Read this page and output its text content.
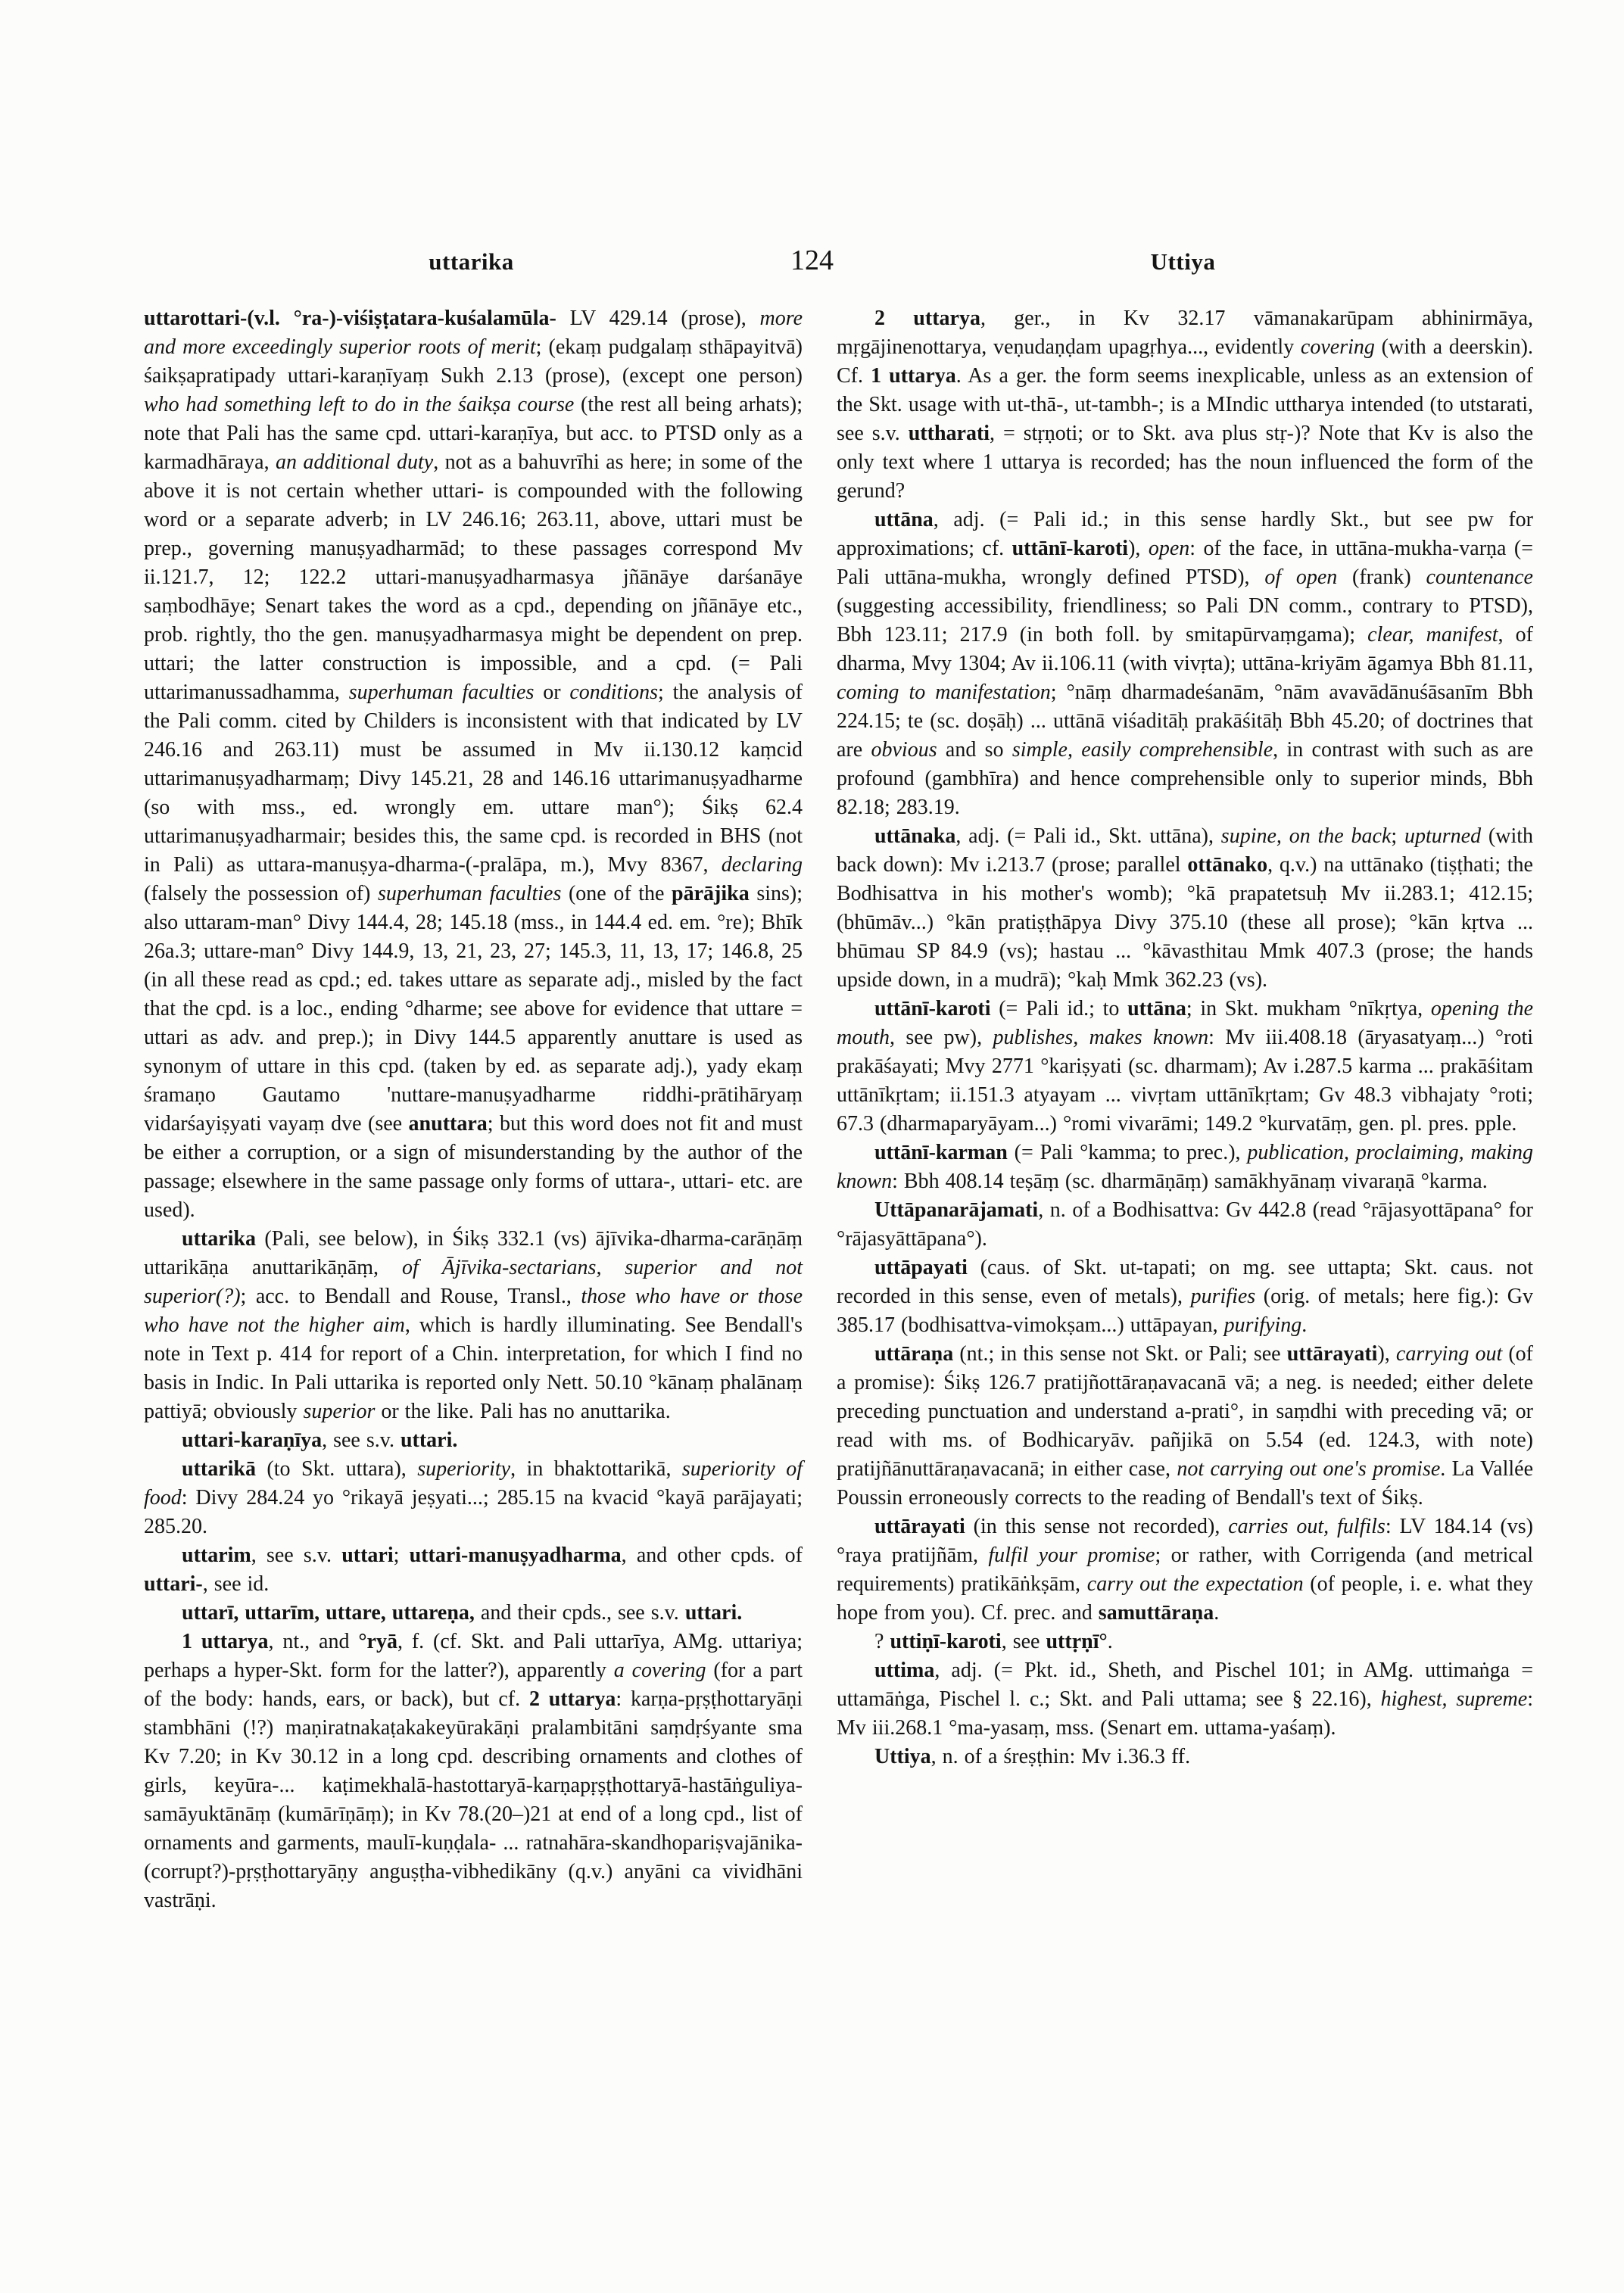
uttarika	124	Uttiya

uttarottari-(v.l. °ra-)-viśiṣṭatara-kuśalamūla- LV 429.14 (prose), more and more exceedingly superior roots of merit; (ekaṃ pudgalaṃ sthāpayitvā) śaikṣapratipady uttari-karaṇīyaṃ Sukh 2.13 (prose), (except one person) who had something left to do in the śaikṣa course (the rest all being arhats); note that Pali has the same cpd. uttari-karaṇīya, but acc. to PTSD only as a karmadhāraya, an additional duty, not as a bahuvrīhi as here; in some of the above it is not certain whether uttari- is compounded with the following word or a separate adverb; in LV 246.16; 263.11, above, uttari must be prep., governing manuṣyadharmād; to these passages correspond Mv ii.121.7, 12; 122.2 uttari-manuṣyadharmasya jñānāye darśanāye saṃbodhāye; Senart takes the word as a cpd., depending on jñānāye etc., prob. rightly, tho the gen. manuṣyadharmasya might be dependent on prep. uttari; the latter construction is impossible, and a cpd. (= Pali uttarimanussadhamma, superhuman faculties or conditions; the analysis of the Pali comm. cited by Childers is inconsistent with that indicated by LV 246.16 and 263.11) must be assumed in Mv ii.130.12 kaṃcid uttarimanuṣyadharmaṃ; Divy 145.21, 28 and 146.16 uttarimanuṣyadharme (so with mss., ed. wrongly em. uttare man°); Śikṣ 62.4 uttarimanuṣyadharmair; besides this, the same cpd. is recorded in BHS (not in Pali) as uttara-manuṣya-dharma-(-pralāpa, m.), Mvy 8367, declaring (falsely the possession of) superhuman faculties (one of the pārājika sins); also uttaram-man° Divy 144.4, 28; 145.18 (mss., in 144.4 ed. em. °re); Bhīk 26a.3; uttare-man° Divy 144.9, 13, 21, 23, 27; 145.3, 11, 13, 17; 146.8, 25 (in all these read as cpd.; ed. takes uttare as separate adj., misled by the fact that the cpd. is a loc., ending °dharme; see above for evidence that uttare = uttari as adv. and prep.); in Divy 144.5 apparently anuttare is used as synonym of uttare in this cpd. (taken by ed. as separate adj.), yady ekaṃ śramaṇo Gautamo 'nuttare-manuṣyadharme riddhi-prātihāryaṃ vidarśayiṣyati vayaṃ dve (see anuttara; but this word does not fit and must be either a corruption, or a sign of misunderstanding by the author of the passage; elsewhere in the same passage only forms of uttara-, uttari- etc. are used).

uttarika (Pali, see below), in Śikṣ 332.1 (vs) ājīvika-dharma-carāṇāṃ uttarikāṇa anuttarikāṇāṃ, of Ājīvika-sectarians, superior and not superior(?); acc. to Bendall and Rouse, Transl., those who have or those who have not the higher aim, which is hardly illuminating. See Bendall's note in Text p. 414 for report of a Chin. interpretation, for which I find no basis in Indic. In Pali uttarika is reported only Nett. 50.10 °kānaṃ phalānaṃ pattiyā; obviously superior or the like. Pali has no anuttarika.

uttari-karaṇīya, see s.v. uttari.

uttarikā (to Skt. uttara), superiority, in bhaktottarikā, superiority of food: Divy 284.24 yo °rikayā jeṣyati...; 285.15 na kvacid °kayā parājayati; 285.20.

uttarim, see s.v. uttari; uttari-manuṣyadharma, and other cpds. of uttari-, see id.

uttarī, uttarīm, uttare, uttareṇa, and their cpds., see s.v. uttari.

1 uttarya, nt., and °ryā, f. (cf. Skt. and Pali uttarīya, AMg. uttariya; perhaps a hyper-Skt. form for the latter?), apparently a covering (for a part of the body: hands, ears, or back), but cf. 2 uttarya: karṇa-pṛṣṭhottaryāṇi stambhāni (!?) maṇiratnakaṭakakeyūrakāṇi pralambitāni saṃdṛśyante sma Kv 7.20; in Kv 30.12 in a long cpd. describing ornaments and clothes of girls, keyūra-... kaṭimekhalā-hastottaryā-karṇapṛṣṭhottaryā-hastāṅguliya-samāyuktānāṃ (kumārīṇāṃ); in Kv 78.(20–)21 at end of a long cpd., list of ornaments and garments, maulī-kuṇḍala- ... ratnahāra-skandhopariṣvajānika-(corrupt?)-pṛṣṭhottaryāṇy anguṣṭha-vibhedikāny (q.v.) anyāni ca vividhāni vastrāṇi.

2 uttarya, ger., in Kv 32.17 vāmanakarūpam abhinirmāya, mṛgājinenottarya, veṇudaṇḍam upagṛhya..., evidently covering (with a deerskin). Cf. 1 uttarya. As a ger. the form seems inexplicable, unless as an extension of the Skt. usage with ut-thā-, ut-tambh-; is a MIndic uttharya intended (to utstarati, see s.v. uttharati, = stṛṇoti; or to Skt. ava plus stṛ-)? Note that Kv is also the only text where 1 uttarya is recorded; has the noun influenced the form of the gerund?

uttāna, adj. (= Pali id.; in this sense hardly Skt., but see pw for approximations; cf. uttānī-karoti), open: of the face, in uttāna-mukha-varṇa (= Pali uttāna-mukha, wrongly defined PTSD), of open (frank) countenance (suggesting accessibility, friendliness; so Pali DN comm., contrary to PTSD), Bbh 123.11; 217.9 (in both foll. by smitapūrvaṃgama); clear, manifest, of dharma, Mvy 1304; Av ii.106.11 (with vivṛta); uttāna-kriyām āgamya Bbh 81.11, coming to manifestation; °nāṃ dharmadeśanām, °nām avavādānuśāsanīm Bbh 224.15; te (sc. doṣāḥ) ... uttānā viśaditāḥ prakāśitāḥ Bbh 45.20; of doctrines that are obvious and so simple, easily comprehensible, in contrast with such as are profound (gambhīra) and hence comprehensible only to superior minds, Bbh 82.18; 283.19.

uttānaka, adj. (= Pali id., Skt. uttāna), supine, on the back; upturned (with back down): Mv i.213.7 (prose; parallel ottānako, q.v.) na uttānako (tiṣṭhati; the Bodhisattva in his mother's womb); °kā prapatetsuḥ Mv ii.283.1; 412.15; (bhūmāv...) °kān pratiṣṭhāpya Divy 375.10 (these all prose); °kān kṛtva ... bhūmau SP 84.9 (vs); hastau ... °kāvasthitau Mmk 407.3 (prose; the hands upside down, in a mudrā); °kaḥ Mmk 362.23 (vs).

uttānī-karoti (= Pali id.; to uttāna; in Skt. mukham °nīkṛtya, opening the mouth, see pw), publishes, makes known: Mv iii.408.18 (āryasatyaṃ...) °roti prakāśayati; Mvy 2771 °kariṣyati (sc. dharmam); Av i.287.5 karma ... prakāśitam uttānīkṛtam; ii.151.3 atyayam ... vivṛtam uttānīkṛtam; Gv 48.3 vibhajaty °roti; 67.3 (dharmaparyāyam...) °romi vivarāmi; 149.2 °kurvatāṃ, gen. pl. pres. pple.

uttānī-karman (= Pali °kamma; to prec.), publication, proclaiming, making known: Bbh 408.14 teṣāṃ (sc. dharmāṇāṃ) samākhyānaṃ vivaraṇā °karma.

Uttāpanarājamati, n. of a Bodhisattva: Gv 442.8 (read °rājasyottāpana° for °rājasyāttāpana°).

uttāpayati (caus. of Skt. ut-tapati; on mg. see uttapta; Skt. caus. not recorded in this sense, even of metals), purifies (orig. of metals; here fig.): Gv 385.17 (bodhisattva-vimokṣam...) uttāpayan, purifying.

uttāraṇa (nt.; in this sense not Skt. or Pali; see uttārayati), carrying out (of a promise): Śikṣ 126.7 pratijñottāraṇavacanā vā; a neg. is needed; either delete preceding punctuation and understand a-prati°, in saṃdhi with preceding vā; or read with ms. of Bodhicaryāv. pañjikā on 5.54 (ed. 124.3, with note) pratijñānuttāraṇavacanā; in either case, not carrying out one's promise. La Vallée Poussin erroneously corrects to the reading of Bendall's text of Śikṣ.

uttārayati (in this sense not recorded), carries out, fulfils: LV 184.14 (vs) °raya pratijñām, fulfil your promise; or rather, with Corrigenda (and metrical requirements) pratikāṅkṣām, carry out the expectation (of people, i. e. what they hope from you). Cf. prec. and samuttāraṇa.

? uttiṇī-karoti, see uttṛṇī°.

uttima, adj. (= Pkt. id., Sheth, and Pischel 101; in AMg. uttimaṅga = uttamāṅga, Pischel l. c.; Skt. and Pali uttama; see § 22.16), highest, supreme: Mv iii.268.1 °ma-yasaṃ, mss. (Senart em. uttama-yaśaṃ).

Uttiya, n. of a śreṣṭhin: Mv i.36.3 ff.
